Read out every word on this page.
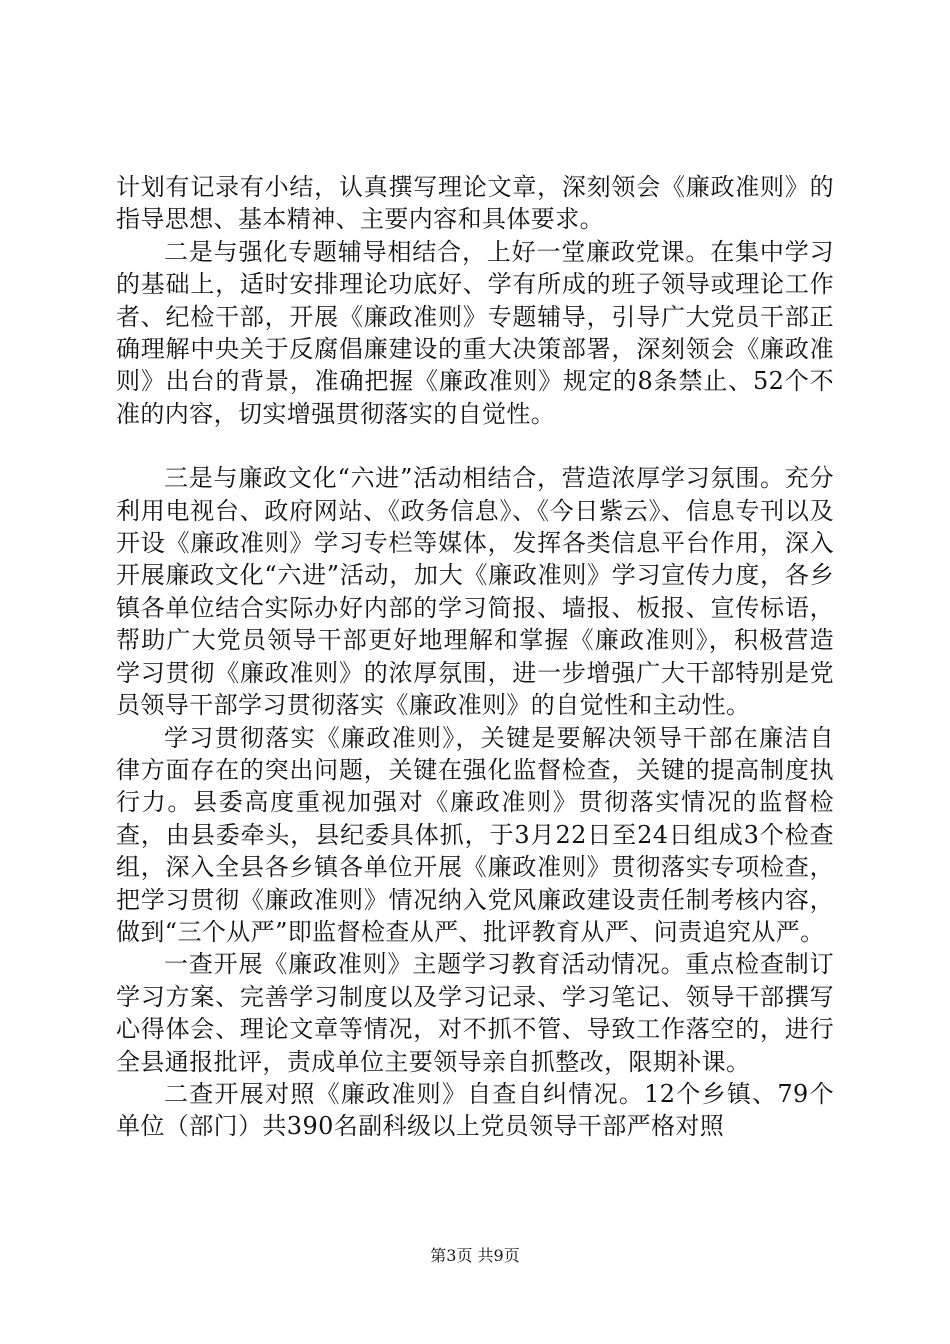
计划有记录有小结，认真撰写理论文章，深刻领会《廉政准则》的指导思想、基本精神、主要内容和具体要求。

二是与强化专题辅导相结合，上好一堂廉政党课。在集中学习的基础上，适时安排理论功底好、学有所成的班子领导或理论工作者、纪检干部，开展《廉政准则》专题辅导，引导广大党员干部正确理解中央关于反腐倡廉建设的重大决策部署，深刻领会《廉政准则》出台的背景，准确把握《廉政准则》规定的8条禁止、52个不准的内容，切实增强贯彻落实的自觉性。

三是与廉政文化“六进”活动相结合，营造浓厚学习氛围。充分利用电视台、政府网站、《政务信息》、《今日紫云》、信息专刊以及开设《廉政准则》学习专栏等媒体，发挥各类信息平台作用，深入开展廉政文化“六进”活动，加大《廉政准则》学习宣传力度，各乡镇各单位结合实际办好内部的学习简报、墙报、板报、宣传标语，帮助广大党员领导干部更好地理解和掌握《廉政准则》，积极营造学习贯彻《廉政准则》的浓厚氛围，进一步增强广大干部特别是党员领导干部学习贯彻落实《廉政准则》的自觉性和主动性。

学习贯彻落实《廉政准则》，关键是要解决领导干部在廉洁自律方面存在的突出问题，关键在强化监督检查，关键的提高制度执行力。县委高度重视加强对《廉政准则》贯彻落实情况的监督检查，由县委牵头，县纪委具体抓，于3月22日至24日组成3个检查组，深入全县各乡镇各单位开展《廉政准则》贯彻落实专项检查，把学习贯彻《廉政准则》情况纳入党风廉政建设责任制考核内容，做到“三个从严”即监督检查从严、批评教育从严、问责追究从严。

一查开展《廉政准则》主题学习教育活动情况。重点检查制订学习方案、完善学习制度以及学习记录、学习笔记、领导干部撰写心得体会、理论文章等情况，对不抓不管、导致工作落空的，进行全县通报批评，责成单位主要领导亲自抓整改，限期补课。

二查开展对照《廉政准则》自查自纠情况。12个乡镇、79个单位（部门）共390名副科级以上党员领导干部严格对照

第3页 共9页
